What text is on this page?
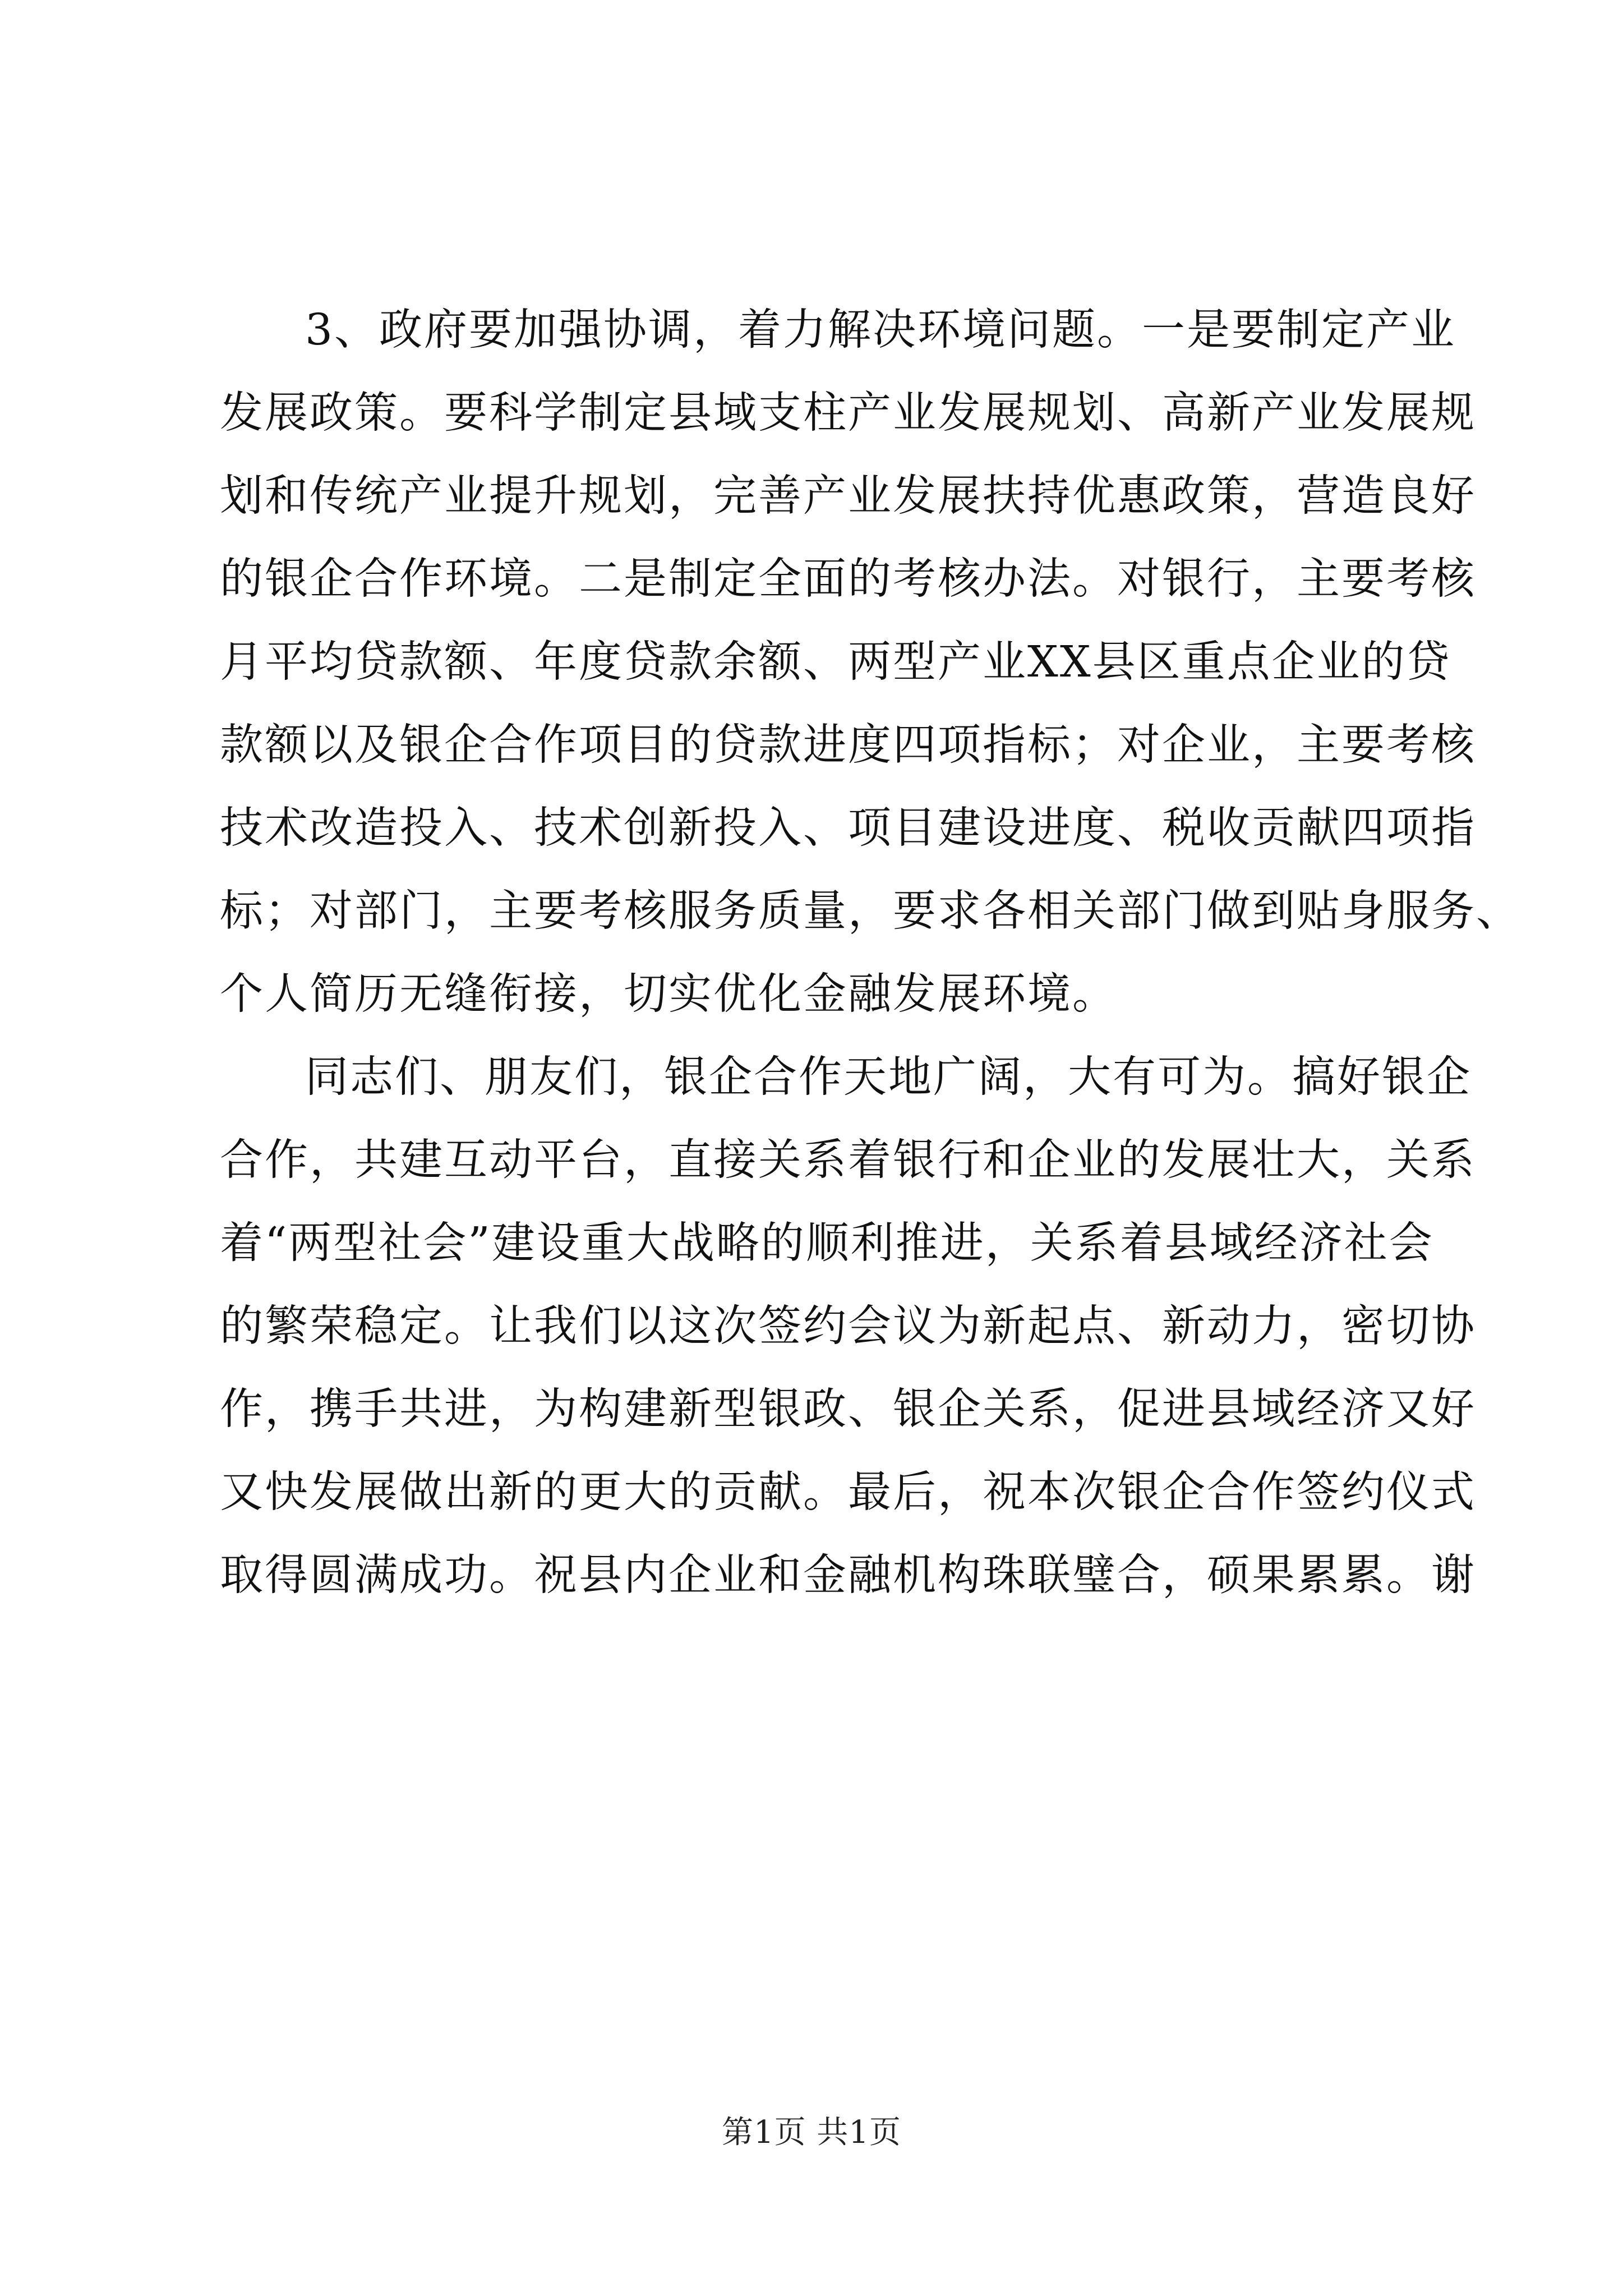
3、政府要加强协调，着力解决环境问题。一是要制定产业
发展政策。要科学制定县域支柱产业发展规划、高新产业发展规
划和传统产业提升规划，完善产业发展扶持优惠政策，营造良好
的银企合作环境。二是制定全面的考核办法。对银行，主要考核
月平均贷款额、年度贷款余额、两型产业XX县区重点企业的贷
款额以及银企合作项目的贷款进度四项指标；对企业，主要考核
技术改造投入、技术创新投入、项目建设进度、税收贡献四项指
标；对部门，主要考核服务质量，要求各相关部门做到贴身服务、
个人简历无缝衔接，切实优化金融发展环境。
同志们、朋友们，银企合作天地广阔，大有可为。搞好银企
合作，共建互动平台，直接关系着银行和企业的发展壮大，关系
着“两型社会”建设重大战略的顺利推进，关系着县域经济社会
的繁荣稳定。让我们以这次签约会议为新起点、新动力，密切协
作，携手共进，为构建新型银政、银企关系，促进县域经济又好
又快发展做出新的更大的贡献。最后，祝本次银企合作签约仪式
取得圆满成功。祝县内企业和金融机构珠联璧合，硕果累累。谢
第1页 共1页
